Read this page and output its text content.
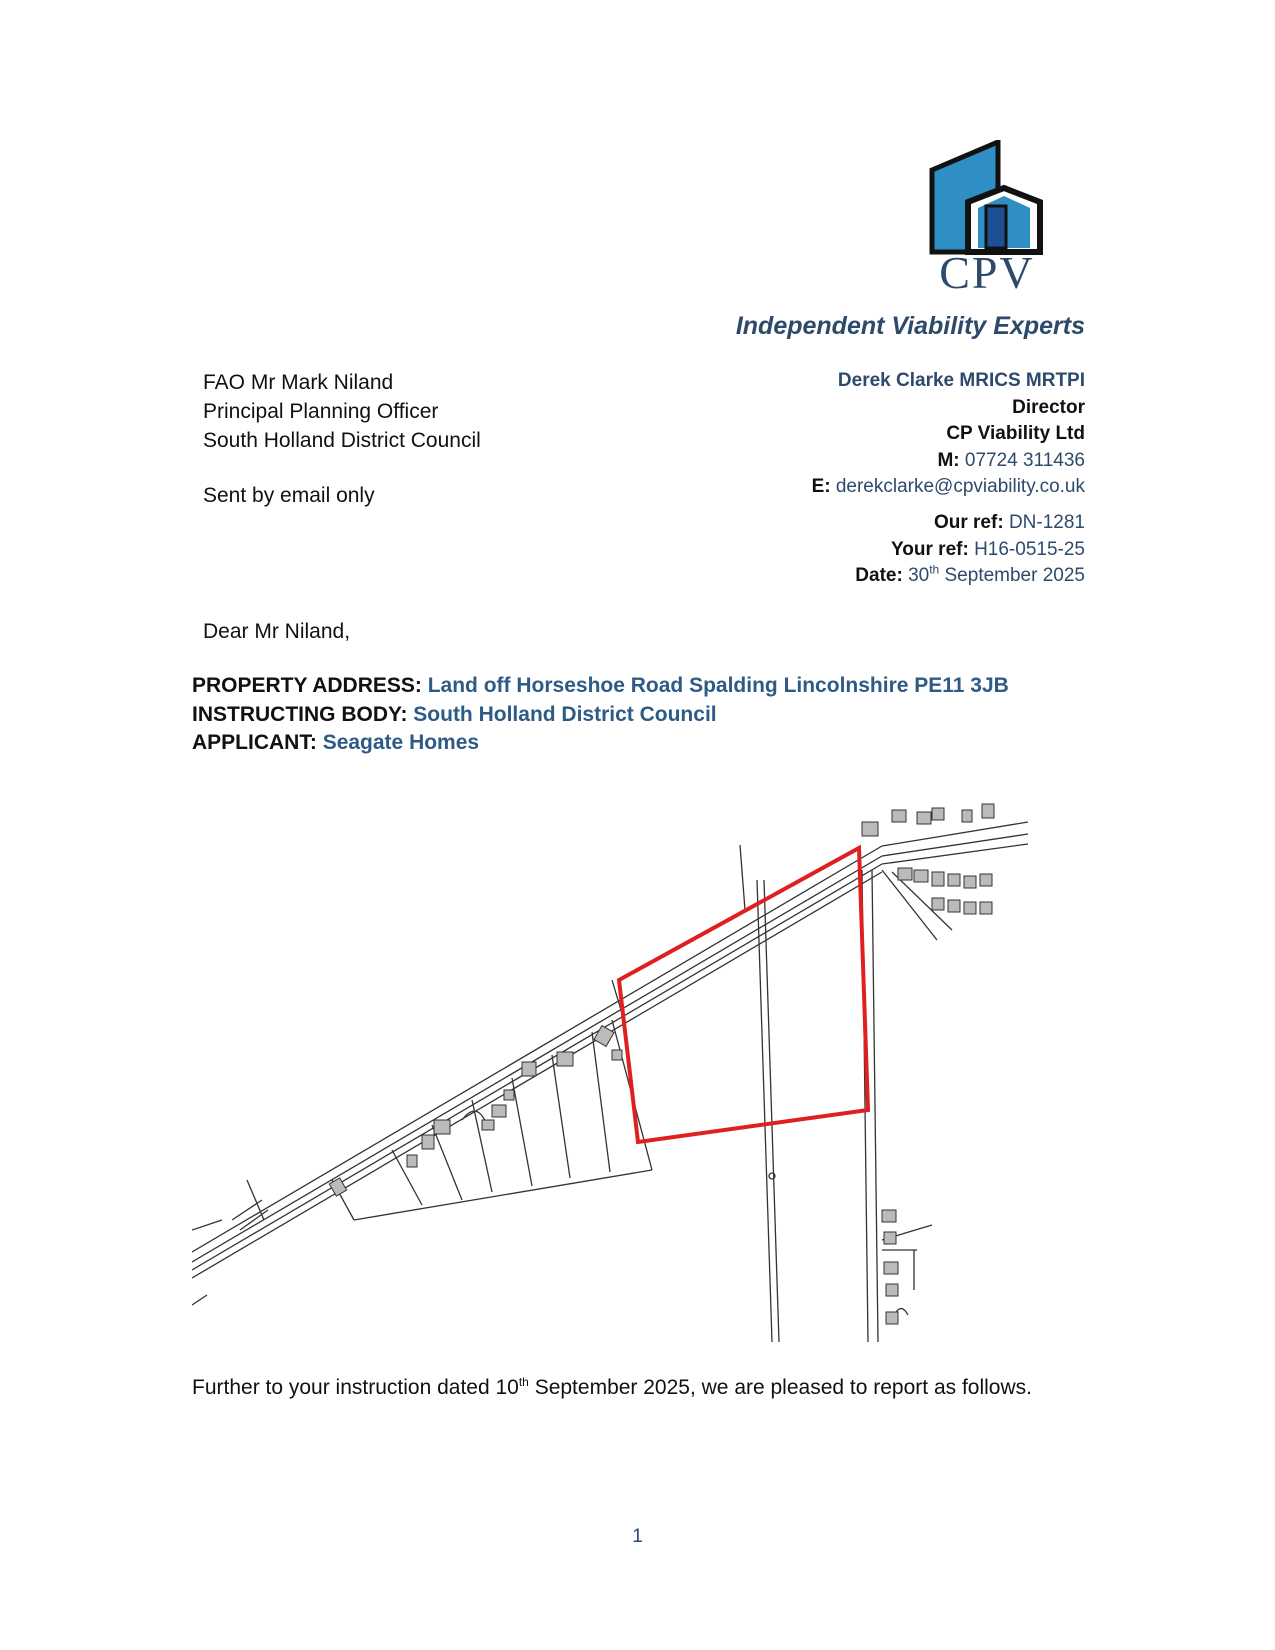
CPV
Independent Viability Experts
FAO Mr Mark Niland
Principal Planning Officer
South Holland District Council
Sent by email only
Derek Clarke MRICS MRTPI
Director
CP Viability Ltd
M: 07724 311436
E: derekclarke@cpviability.co.uk
Our ref: DN-1281
Your ref: H16-0515-25
Date: 30th September 2025
Dear Mr Niland,
PROPERTY ADDRESS: Land off Horseshoe Road Spalding Lincolnshire PE11 3JB
INSTRUCTING BODY: South Holland District Council
APPLICANT: Seagate Homes
Further to your instruction dated 10th September 2025, we are pleased to report as follows.
1
